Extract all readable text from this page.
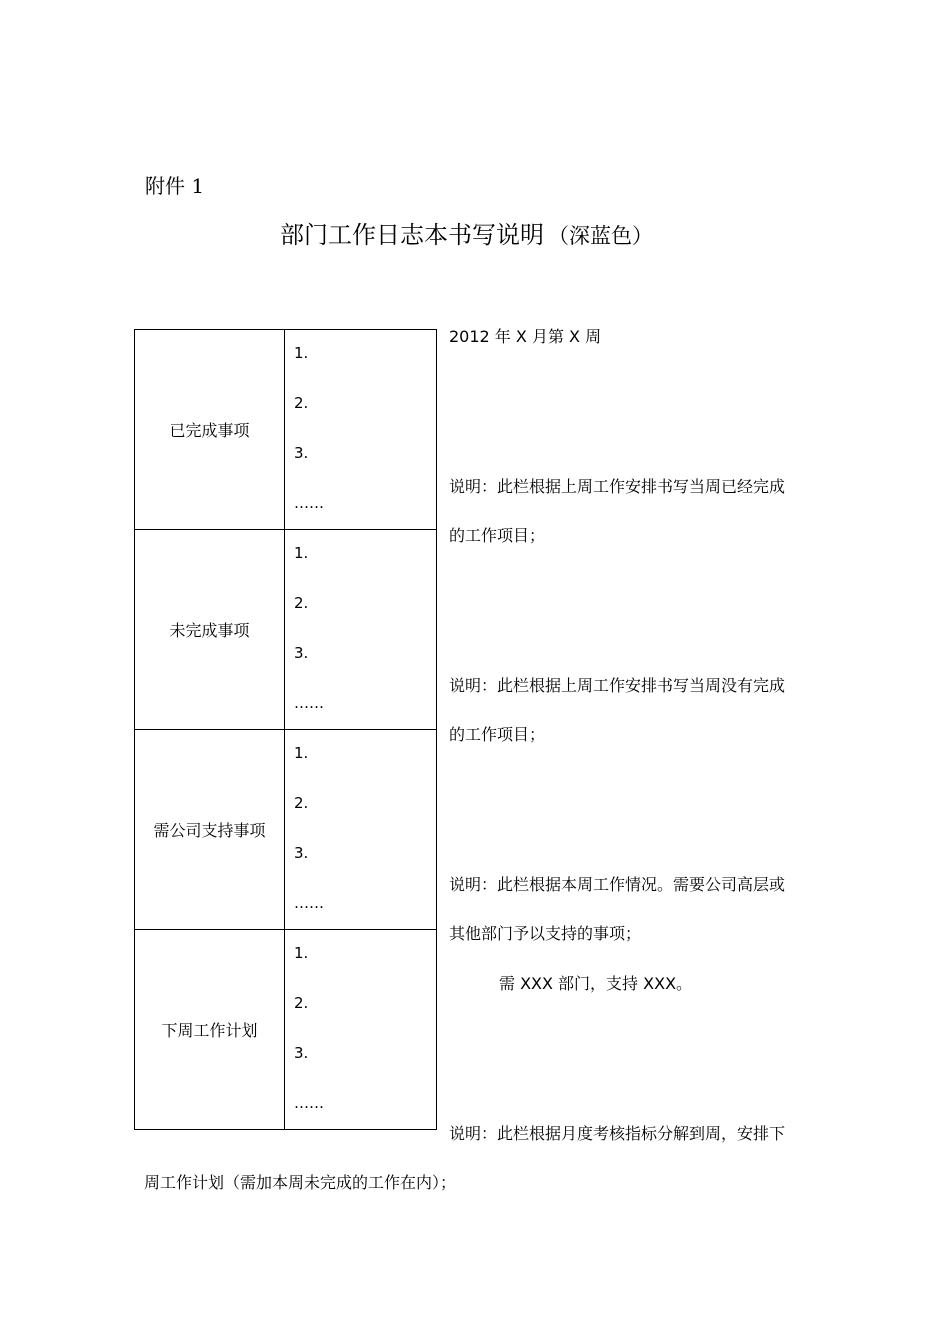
附件 1
部门工作日志本书写说明 （深蓝色）
已完成事项	1.
2.
3.
……

未完成事项	1.
2.
3.
……

需公司支持事项	1.
2.
3.
……

下周工作计划	1.
2.
3.
……
2012 年 X 月第 X 周
说明：此栏根据上周工作安排书写当周已经完成
的工作项目；
说明：此栏根据上周工作安排书写当周没有完成
的工作项目；
说明：此栏根据本周工作情况。需要公司高层或
其他部门予以支持的事项；
需 XXX 部门，支持 XXX。
说明：此栏根据月度考核指标分解到周，安排下
周工作计划（需加本周未完成的工作在内）；
